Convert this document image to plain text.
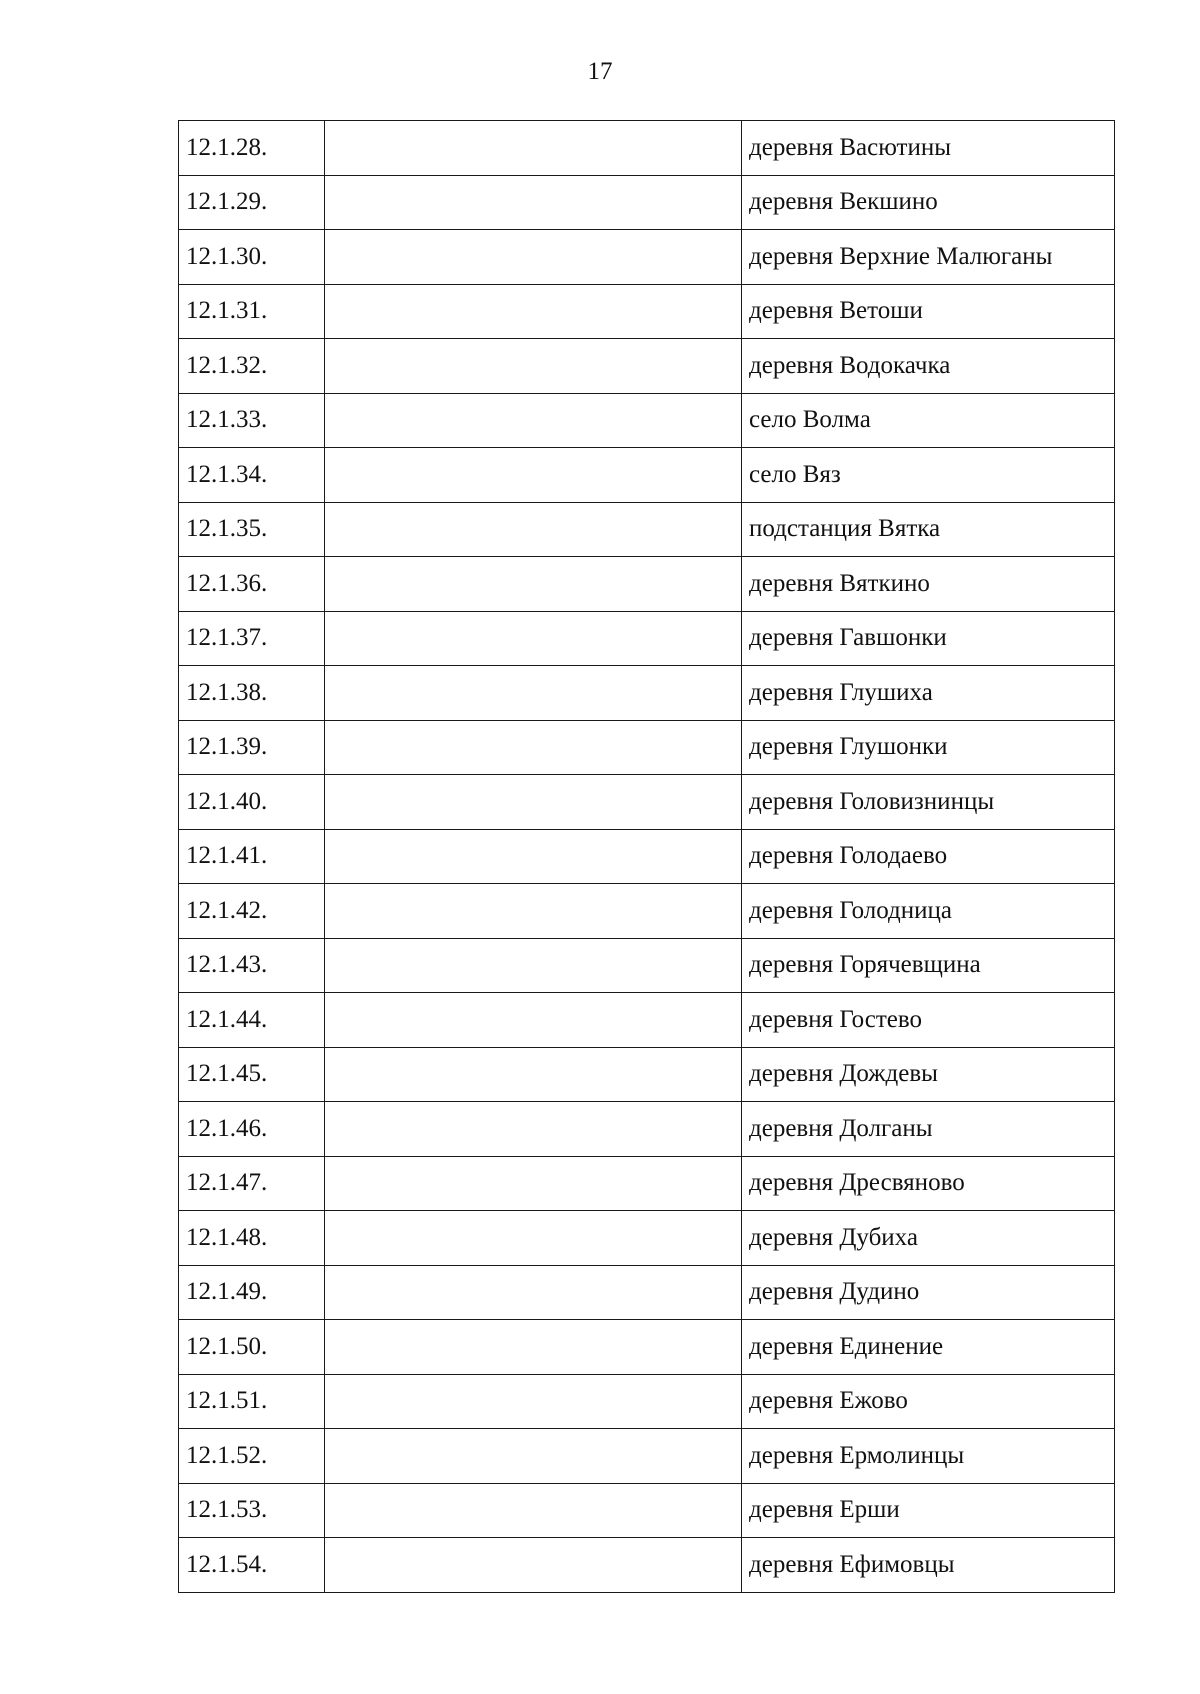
17
12.1.28.		деревня Васютины
12.1.29.		деревня Векшино
12.1.30.		деревня Верхние Малюганы
12.1.31.		деревня Ветоши
12.1.32.		деревня Водокачка
12.1.33.		село Волма
12.1.34.		село Вяз
12.1.35.		подстанция Вятка
12.1.36.		деревня Вяткино
12.1.37.		деревня Гавшонки
12.1.38.		деревня Глушиха
12.1.39.		деревня Глушонки
12.1.40.		деревня Головизнинцы
12.1.41.		деревня Голодаево
12.1.42.		деревня Голодница
12.1.43.		деревня Горячевщина
12.1.44.		деревня Гостево
12.1.45.		деревня Дождевы
12.1.46.		деревня Долганы
12.1.47.		деревня Дресвяново
12.1.48.		деревня Дубиха
12.1.49.		деревня Дудино
12.1.50.		деревня Единение
12.1.51.		деревня Ежово
12.1.52.		деревня Ермолинцы
12.1.53.		деревня Ерши
12.1.54.		деревня Ефимовцы
